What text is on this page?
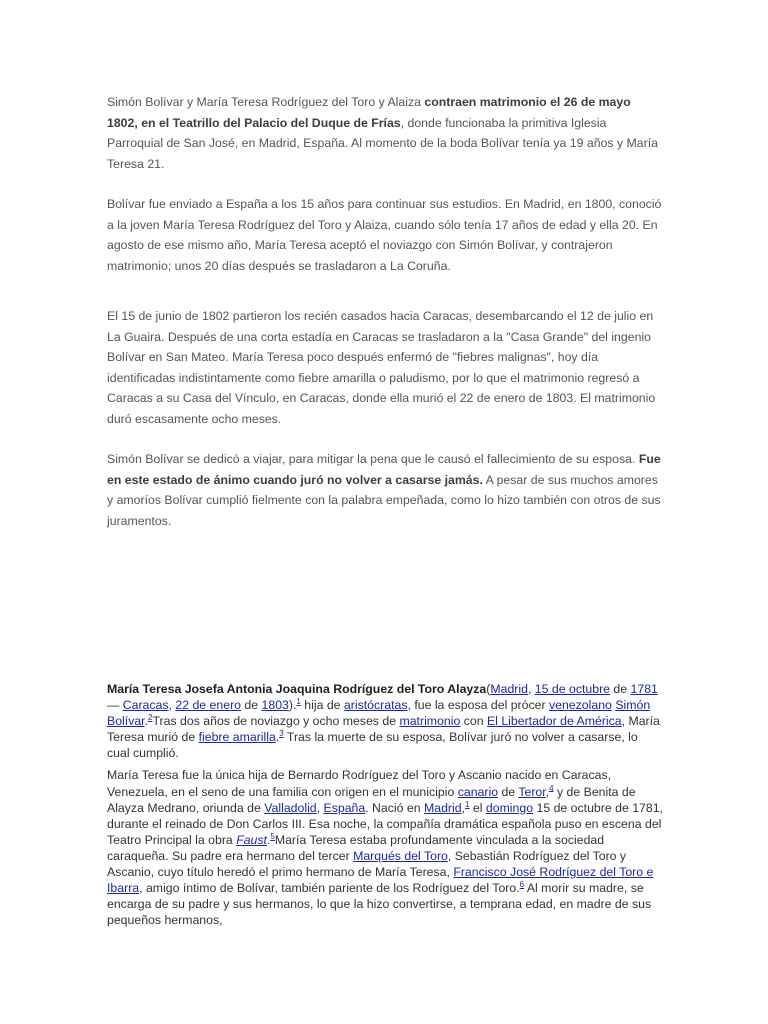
Simón Bolívar y María Teresa Rodríguez del Toro y Alaiza contraen matrimonio el 26 de mayo 1802, en el Teatrillo del Palacio del Duque de Frías, donde funcionaba la primitiva Iglesia Parroquial de San José, en Madrid, España. Al momento de la boda Bolívar tenía ya 19 años y María Teresa 21.

Bolívar fue enviado a España a los 15 años para continuar sus estudios. En Madrid, en 1800, conoció a la joven María Teresa Rodríguez del Toro y Alaiza, cuando sólo tenía 17 años de edad y ella 20. En agosto de ese mismo año, María Teresa aceptó el noviazgo con Simón Bolívar, y contrajeron matrimonio; unos 20 días después se trasladaron a La Coruña.

El 15 de junio de 1802 partieron los recién casados hacia Caracas, desembarcando el 12 de julio en La Guaira. Después de una corta estadía en Caracas se trasladaron a la "Casa Grande" del ingenio Bolívar en San Mateo. María Teresa poco después enfermó de "fiebres malignas", hoy día identificadas indistintamente como fiebre amarilla o paludismo, por lo que el matrimonio regresó a Caracas a su Casa del Vínculo, en Caracas, donde ella murió el 22 de enero de 1803. El matrimonio duró escasamente ocho meses.

Simón Bolívar se dedicó a viajar, para mitigar la pena que le causó el fallecimiento de su esposa. Fue en este estado de ánimo cuando juró no volver a casarse jamás. A pesar de sus muchos amores y amoríos Bolívar cumplió fielmente con la palabra empeñada, como lo hizo también con otros de sus juramentos.

María Teresa Josefa Antonia Joaquina Rodríguez del Toro Alayza(Madrid, 15 de octubre de 1781 — Caracas, 22 de enero de 1803).$^1$ hija de aristócratas, fue la esposa del prócer venezolano Simón Bolívar.$^2$Tras dos años de noviazgo y ocho meses de matrimonio con El Libertador de América, María Teresa murió de fiebre amarilla.$^3$ Tras la muerte de su esposa, Bolívar juró no volver a casarse, lo cual cumplió.

María Teresa fue la única hija de Bernardo Rodríguez del Toro y Ascanio nacido en Caracas, Venezuela, en el seno de una familia con origen en el municipio canario de Teror,$^4$ y de Benita de Alayza Medrano, oriunda de Valladolid, España. Nació en Madrid,$^1$ el domingo 15 de octubre de 1781, durante el reinado de Don Carlos III. Esa noche, la compañía dramática española puso en escena del Teatro Principal la obra Faust.$^5$María Teresa estaba profundamente vinculada a la sociedad caraqueña. Su padre era hermano del tercer Marqués del Toro, Sebastián Rodríguez del Toro y Ascanio, cuyo título heredó el primo hermano de María Teresa, Francisco José Rodríguez del Toro e Ibarra, amigo íntimo de Bolívar, también pariente de los Rodríguez del Toro.$^6$ Al morir su madre, se encarga de su padre y sus hermanos, lo que la hizo convertirse, a temprana edad, en madre de sus pequeños hermanos,
